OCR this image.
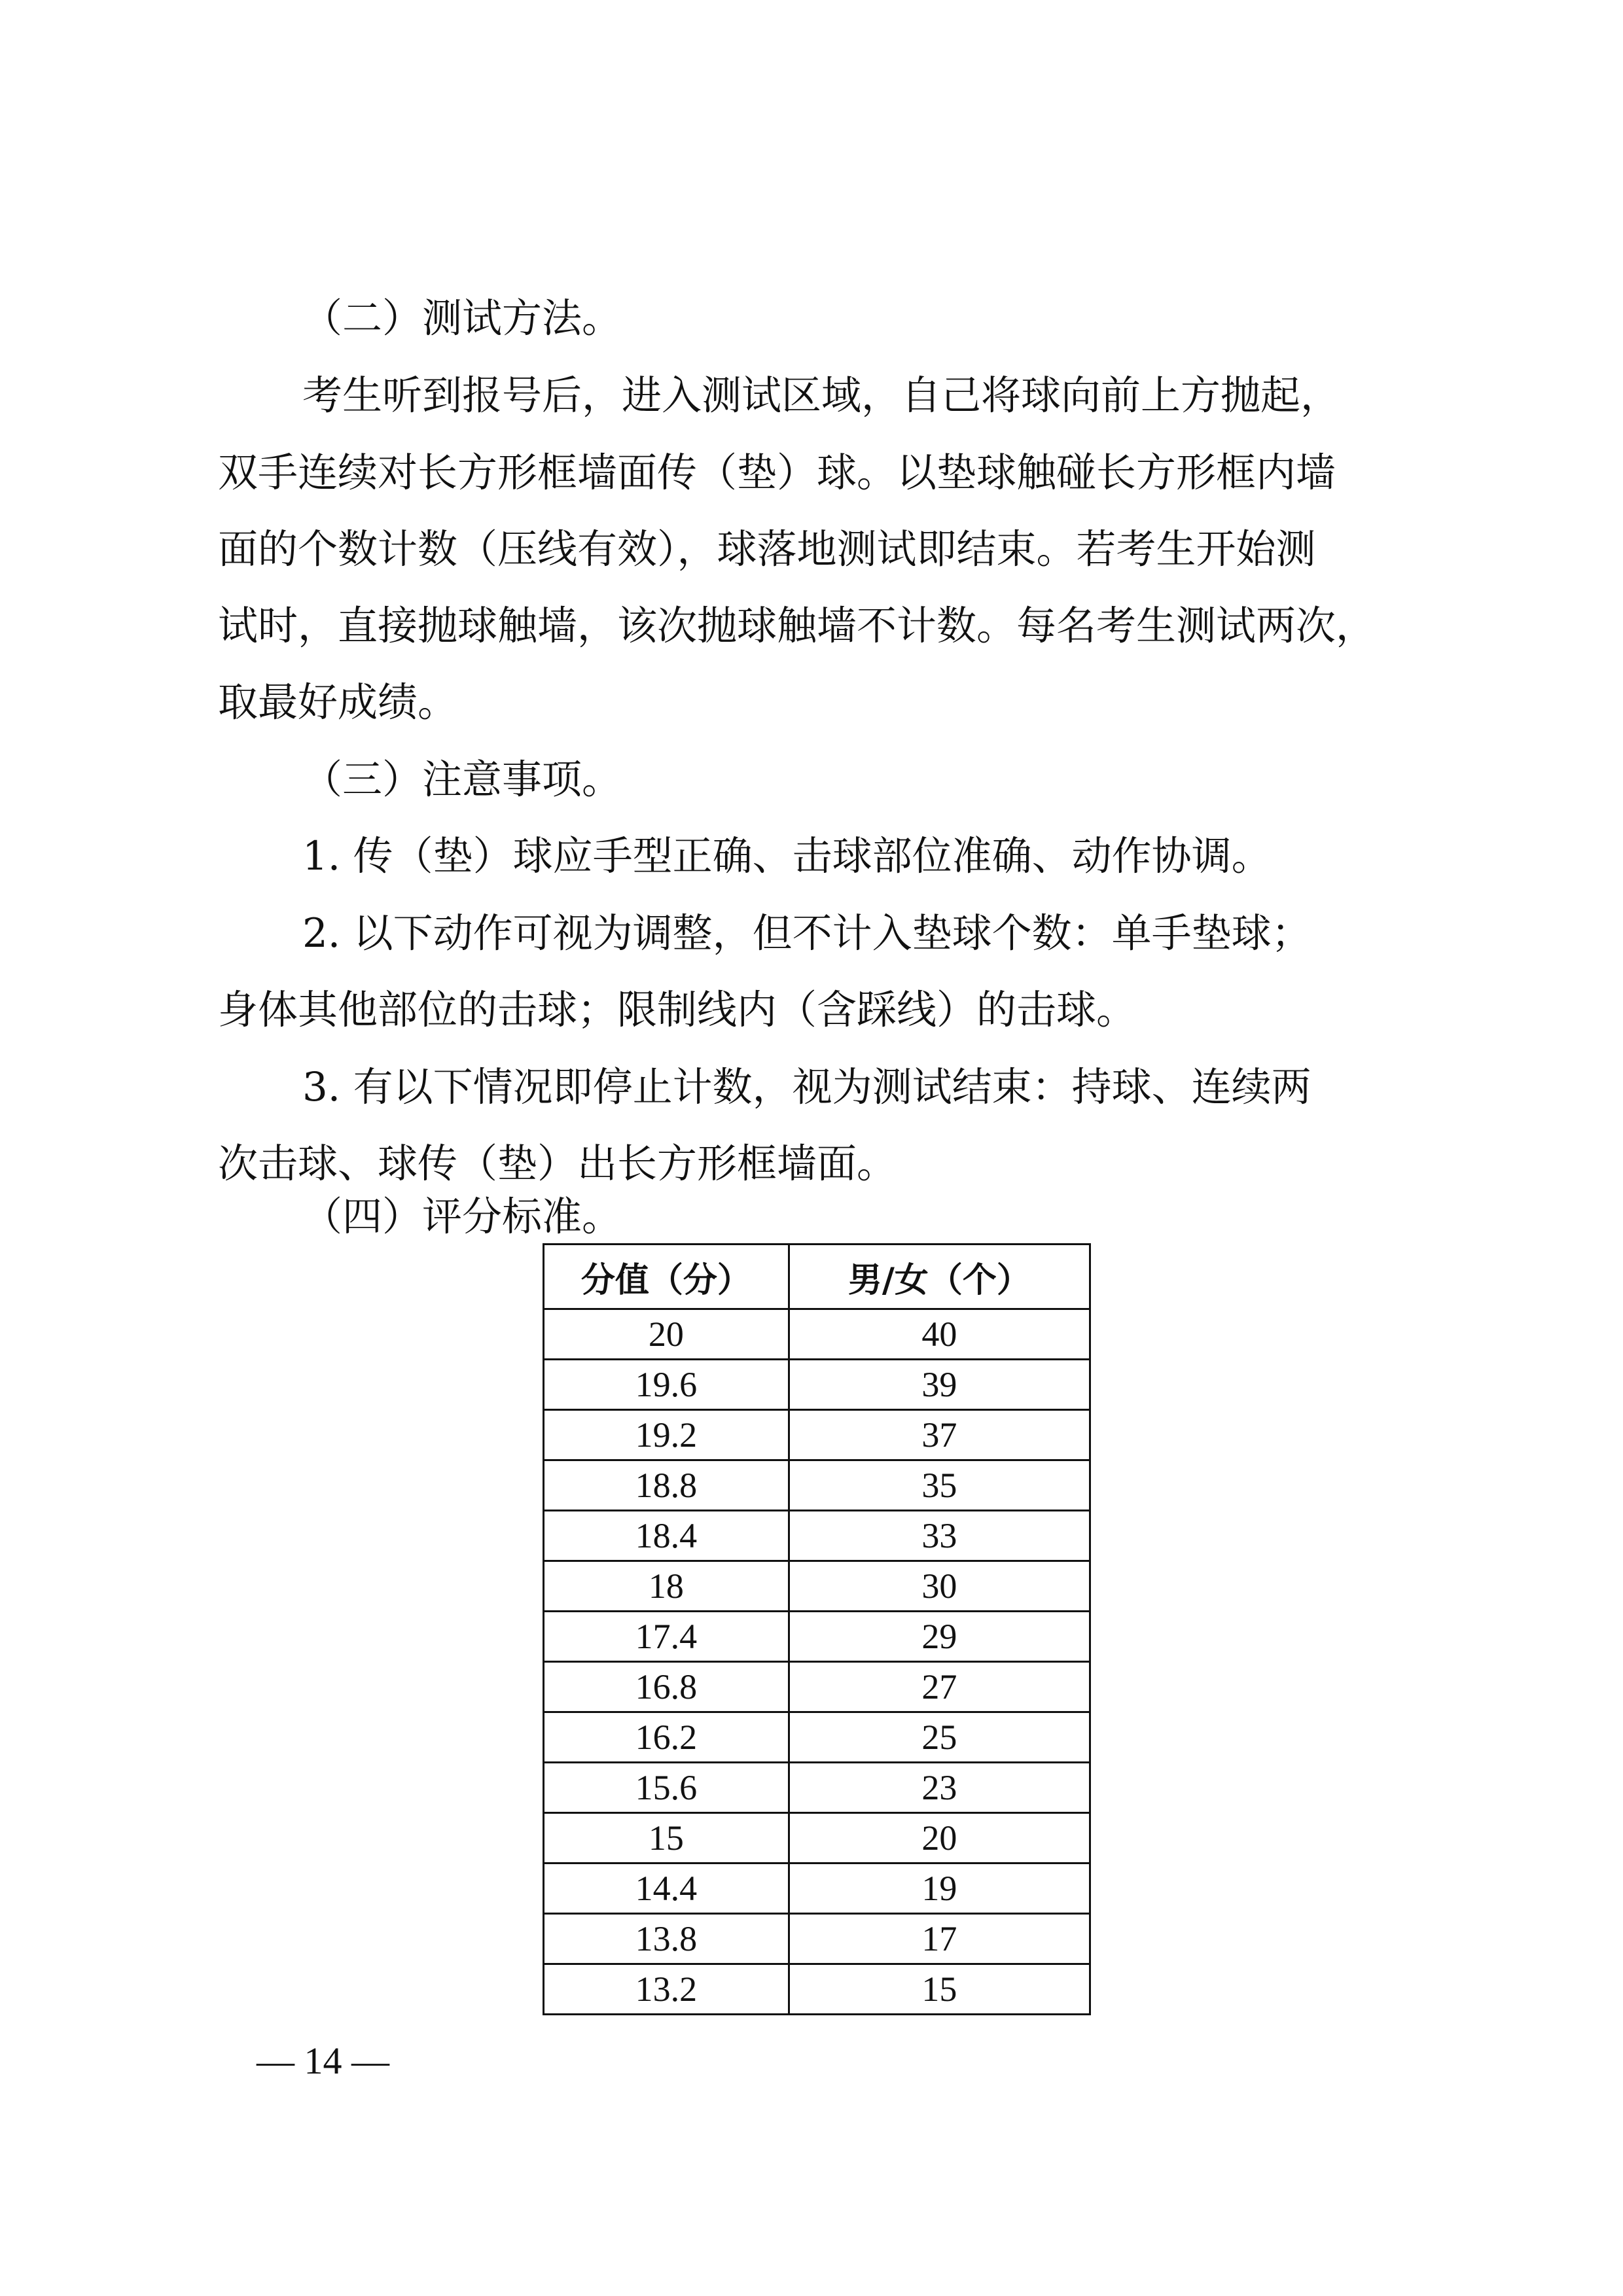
（二）测试方法。
考生听到报号后，进入测试区域，自己将球向前上方抛起，
双手连续对长方形框墙面传（垫）球。以垫球触碰长方形框内墙
面的个数计数（压线有效），球落地测试即结束。若考生开始测
试时，直接抛球触墙，该次抛球触墙不计数。每名考生测试两次，
取最好成绩。
（三）注意事项。
1. 传（垫）球应手型正确、击球部位准确、动作协调。
2. 以下动作可视为调整，但不计入垫球个数：单手垫球；
身体其他部位的击球；限制线内（含踩线）的击球。
3. 有以下情况即停止计数，视为测试结束：持球、连续两
次击球、球传（垫）出长方形框墙面。
（四）评分标准。
分值（分）	男/女（个）
20	40
19.6	39
19.2	37
18.8	35
18.4	33
18	30
17.4	29
16.8	27
16.2	25
15.6	23
15	20
14.4	19
13.8	17
13.2	15
— 14 —
